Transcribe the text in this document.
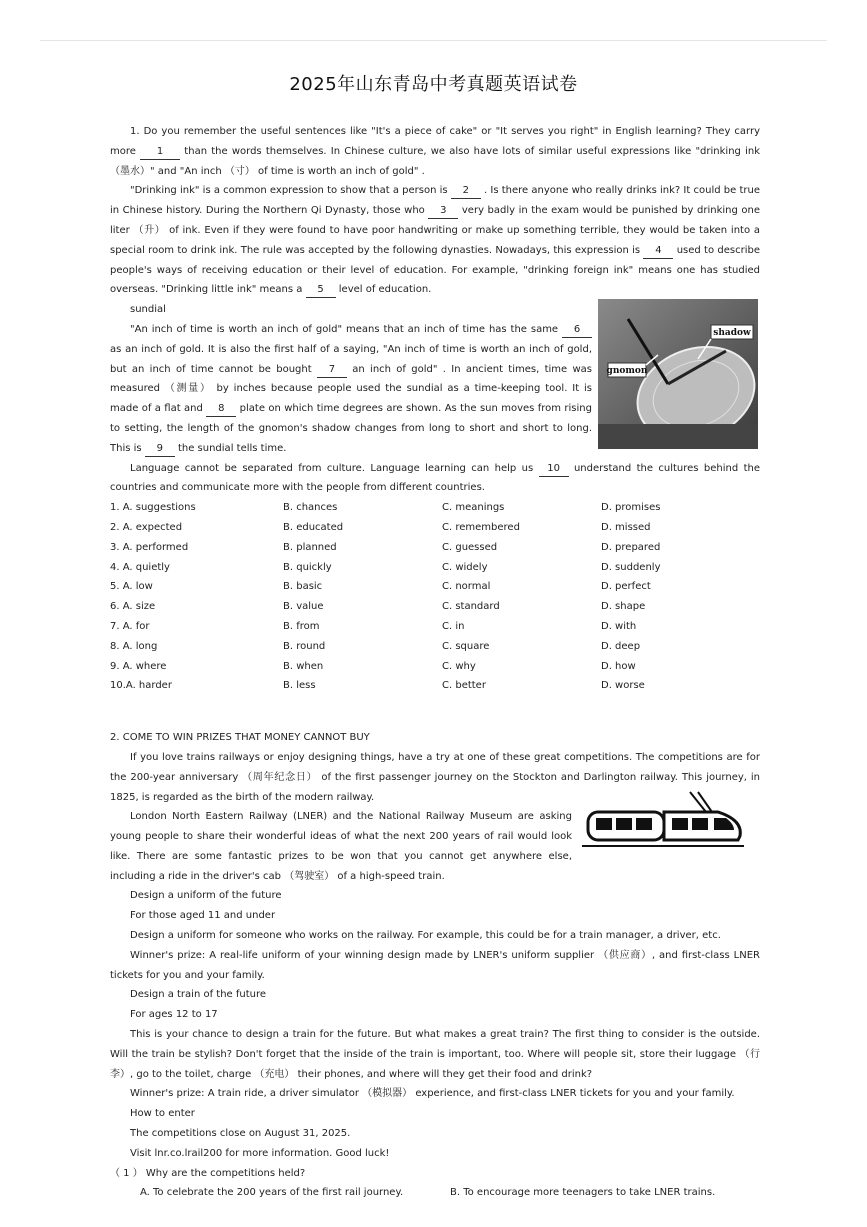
2025年山东青岛中考真题英语试卷
shadow
gnomon

1. Do you remember the useful sentences like "It's a piece of cake" or "It serves you right" in English learning? They carry more 1 than the words themselves. In Chinese culture, we also have lots of similar useful expressions like "drinking ink （墨水）" and "An inch （寸） of time is worth an inch of gold" .

"Drinking ink" is a common expression to show that a person is 2 . Is there anyone who really drinks ink? It could be true in Chinese history. During the Northern Qi Dynasty, those who 3 very badly in the exam would be punished by drinking one liter （升） of ink. Even if they were found to have poor handwriting or make up something terrible, they would be taken into a special room to drink ink. The rule was accepted by the following dynasties. Nowadays, this expression is 4 used to describe people's ways of receiving education or their level of education. For example, "drinking foreign ink" means one has studied overseas. "Drinking little ink" means a 5 level of education.

sundial

"An inch of time is worth an inch of gold" means that an inch of time has the same 6 as an inch of gold. It is also the first half of a saying, "An inch of time is worth an inch of gold, but an inch of time cannot be bought 7 an inch of gold" . In ancient times, time was measured （测量） by inches because people used the sundial as a time-keeping tool. It is made of a flat and 8 plate on which time degrees are shown. As the sun moves from rising to setting, the length of the gnomon's shadow changes from long to short and short to long. This is 9 the sundial tells time.

Language cannot be separated from culture. Language learning can help us 10 understand the cultures behind the countries and communicate more with the people from different countries.

1. A. suggestions	B. chances	C. meanings	D. promises
2. A. expected	B. educated	C. remembered	D. missed
3. A. performed	B. planned	C. guessed	D. prepared
4. A. quietly	B. quickly	C. widely	D. suddenly
5. A. low	B. basic	C. normal	D. perfect
6. A. size	B. value	C. standard	D. shape
7. A. for	B. from	C. in	D. with
8. A. long	B. round	C. square	D. deep
9. A. where	B. when	C. why	D. how
10.A. harder	B. less	C. better	D. worse

2. COME TO WIN PRIZES THAT MONEY CANNOT BUY

If you love trains railways or enjoy designing things, have a try at one of these great competitions. The competitions are for the 200-year anniversary （周年纪念日） of the first passenger journey on the Stockton and Darlington railway. This journey, in 1825, is regarded as the birth of the modern railway.

London North Eastern Railway (LNER) and the National Railway Museum are asking young people to share their wonderful ideas of what the next 200 years of rail would look like. There are some fantastic prizes to be won that you cannot get anywhere else, including a ride in the driver's cab （驾驶室） of a high-speed train.

Design a uniform of the future

For those aged 11 and under

Design a uniform for someone who works on the railway. For example, this could be for a train manager, a driver, etc.

Winner's prize: A real-life uniform of your winning design made by LNER's uniform supplier （供应商）, and first-class LNER tickets for you and your family.

Design a train of the future

For ages 12 to 17

This is your chance to design a train for the future. But what makes a great train? The first thing to consider is the outside. Will the train be stylish? Don't forget that the inside of the train is important, too. Where will people sit, store their luggage （行李）, go to the toilet, charge （充电） their phones, and where will they get their food and drink?

Winner's prize: A train ride, a driver simulator （模拟器） experience, and first-class LNER tickets for you and your family.

How to enter

The competitions close on August 31, 2025.

Visit lnr.co.lrail200 for more information. Good luck!

（ 1 ） Why are the competitions held?

A. To celebrate the 200 years of the first rail journey.	B. To encourage more teenagers to take LNER trains.
